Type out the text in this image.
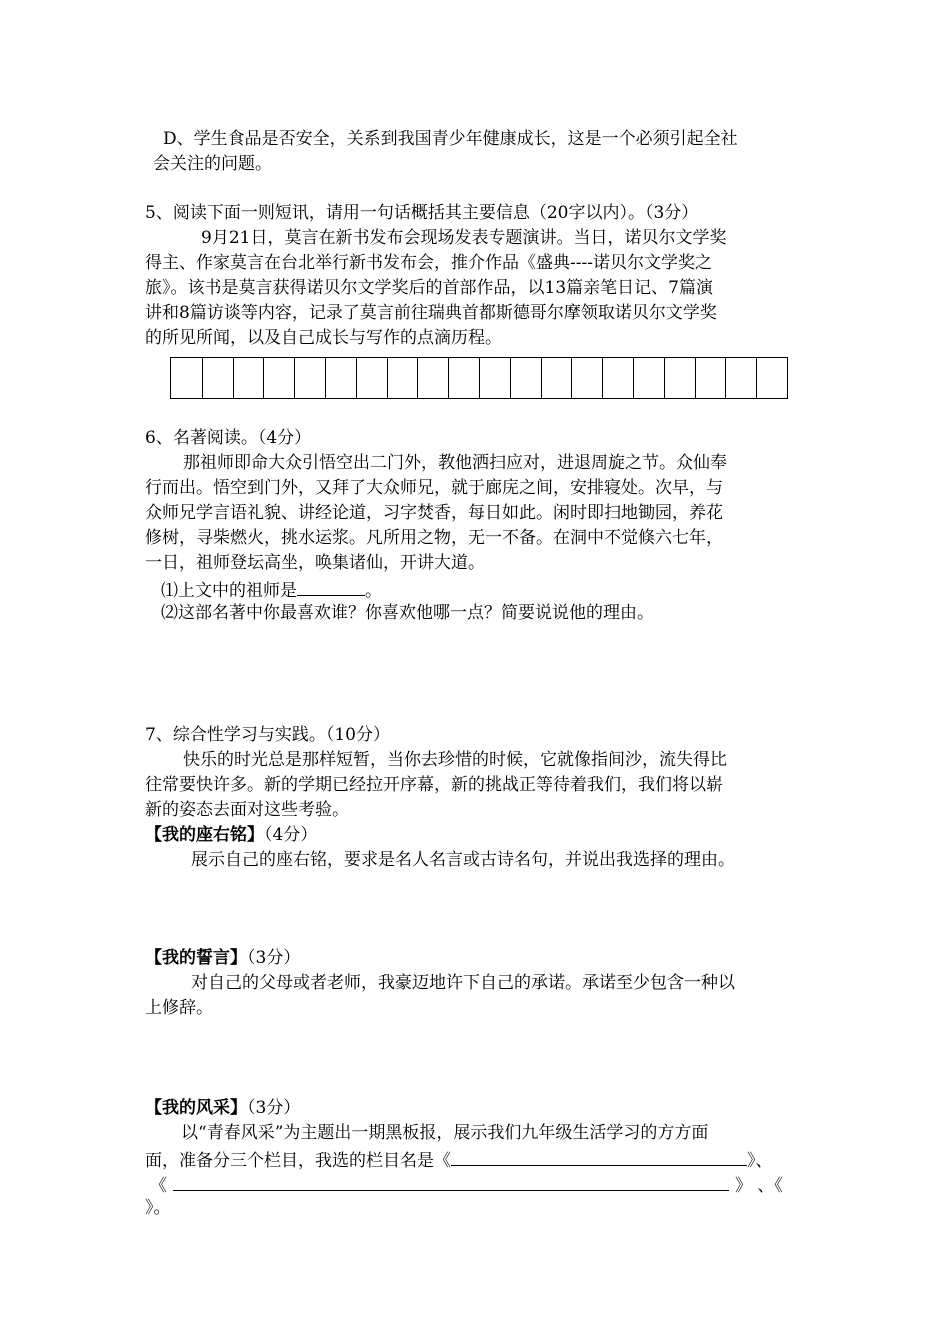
D、学生食品是否安全，关系到我国青少年健康成长，这是一个必须引起全社
会关注的问题。
5、阅读下面一则短讯，请用一句话概括其主要信息（20字以内）。（3分）
9月21日，莫言在新书发布会现场发表专题演讲。当日，诺贝尔文学奖
得主、作家莫言在台北举行新书发布会，推介作品《盛典----诺贝尔文学奖之
旅》。该书是莫言获得诺贝尔文学奖后的首部作品，以13篇亲笔日记、7篇演
讲和8篇访谈等内容，记录了莫言前往瑞典首都斯德哥尔摩领取诺贝尔文学奖
的所见所闻，以及自己成长与写作的点滴历程。
6、名著阅读。（4分）
那祖师即命大众引悟空出二门外，教他洒扫应对，进退周旋之节。众仙奉
行而出。悟空到门外，又拜了大众师兄，就于廊庑之间，安排寝处。次早，与
众师兄学言语礼貌、讲经论道，习字焚香，每日如此。闲时即扫地锄园，养花
修树，寻柴燃火，挑水运浆。凡所用之物，无一不备。在洞中不觉倏六七年，
一日，祖师登坛高坐，唤集诸仙，开讲大道。
⑴上文中的祖师是	。
⑵这部名著中你最喜欢谁？你喜欢他哪一点？简要说说他的理由。
7、综合性学习与实践。（10分）
快乐的时光总是那样短暂，当你去珍惜的时候，它就像指间沙，流失得比
往常要快许多。新的学期已经拉开序幕，新的挑战正等待着我们，我们将以崭
新的姿态去面对这些考验。
【我的座右铭】（4分）
展示自己的座右铭，要求是名人名言或古诗名句，并说出我选择的理由。
【我的誓言】（3分）
对自己的父母或者老师，我豪迈地许下自己的承诺。承诺至少包含一种以
上修辞。
【我的风采】（3分）
以“青春风采”为主题出一期黑板报，展示我们九年级生活学习的方方面
面，准备分三个栏目，我选的栏目名是《	》、
《	》 、《
》。
